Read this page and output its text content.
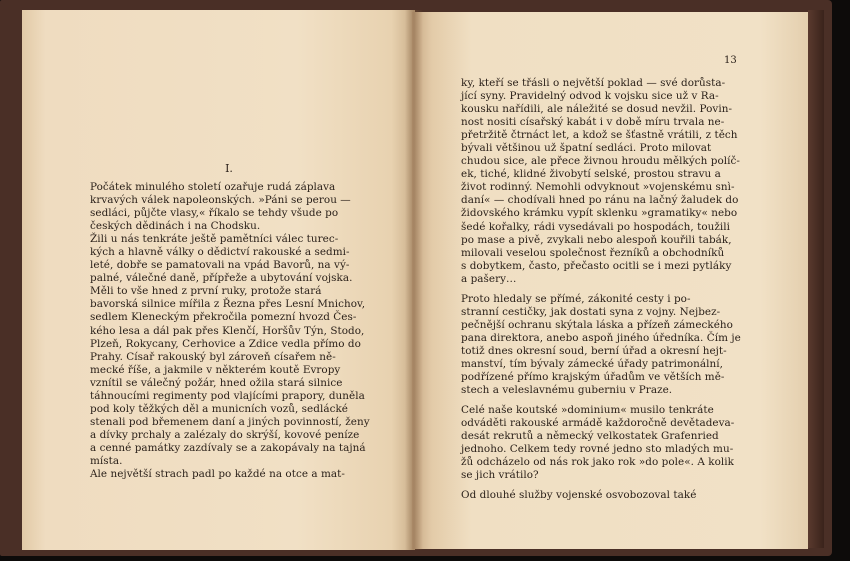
I.
13
Počátek minulého století ozařuje rudá záplava
krvavých válek napoleonských. »Páni se perou —
sedláci, půjčte vlasy,« říkalo se tehdy všude po
českých dědinách i na Chodsku.
Žili u nás tenkráte ještě pamětníci válec turec-
kých a hlavně války o dědictví rakouské a sedmi-
leté, dobře se pamatovali na vpád Bavorů, na vý-
palné, válečné daně, přípřeže a ubytování vojska.
Měli to vše hned z první ruky, protože stará
bavorská silnice mířila z Řezna přes Lesní Mnichov,
sedlem Kleneckým překročila pomezní hvozd Čes-
kého lesa a dál pak přes Klenčí, Horšův Týn, Stodo,
Plzeň, Rokycany, Cerhovice a Zdice vedla přímo do
Prahy. Císař rakouský byl zároveň císařem ně-
mecké říše, a jakmile v některém koutě Evropy
vznítil se válečný požár, hned ožila stará silnice
táhnoucími regimenty pod vlajícími prapory, duněla
pod koly těžkých děl a municních vozů, sedlácké
stenali pod břemenem daní a jiných povinností, ženy
a dívky prchaly a zalézaly do skrýší, kovové peníze
a cenné památky zazdívaly se a zakopávaly na tajná
místa.
Ale největší strach padl po každé na otce a mat-
ky, kteří se třásli o největší poklad — své dorůsta-
jící syny. Pravidelný odvod k vojsku sice už v Ra-
kousku nařídili, ale náležité se dosud nevžil. Povin-
nost nositi císařský kabát i v době míru trvala ne-
přetržitě čtrnáct let, a kdož se šťastně vrátili, z těch
bývali většinou už špatní sedláci. Proto milovat
chudou sice, ale přece živnou hroudu mělkých políč-
ek, tiché, klidné živobytí selské, prostou stravu a
život rodinný. Nemohli odvyknout »vojenskému snì-
daní« — chodívali hned po ránu na lačný žaludek do
židovského krámku vypít sklenku »gramatiky« nebo
šedé kořalky, rádi vysedávali po hospodách, toužili
po mase a pivě, zvykali nebo alespoň kouřili tabák,
milovali veselou společnost řezníků a obchodníků
s dobytkem, často, přečasto ocitli se i mezi pytláky
a pašery…
Proto hledaly se přímé, zákonité cesty i po-
stranní cestičky, jak dostati syna z vojny. Nejbez-
pečnější ochranu skýtala láska a přízeň zámeckého
pana direktora, anebo aspoň jiného úředníka. Čím je
totiž dnes okresní soud, berní úřad a okresní hejt-
manství, tím bývaly zámecké úřady patrimonální,
podřízené přímo krajským úřadům ve větších mě-
stech a veleslavnému guberniu v Praze.
Celé naše koutské »dominium« musilo tenkráte
odváděti rakouské armádě každoročně devětadeva-
desát rekrutů a německý velkostatek Grafenried
jednoho. Celkem tedy rovné jedno sto mladých mu-
žů odcházelo od nás rok jako rok »do pole«. A kolik
se jich vrátilo?
Od dlouhé služby vojenské osvobozoval také
